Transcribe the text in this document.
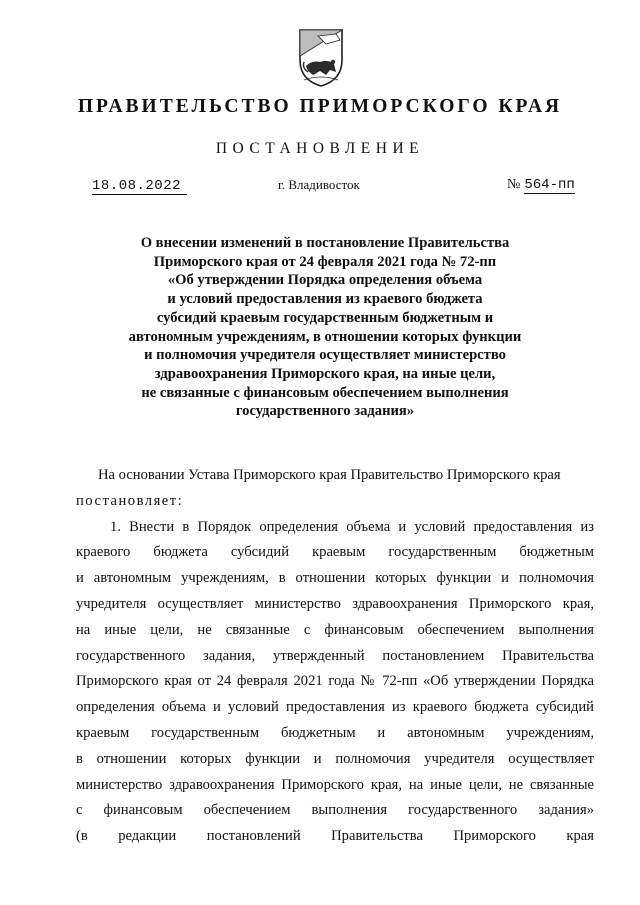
ПРАВИТЕЛЬСТВО ПРИМОРСКОГО КРАЯ
ПОСТАНОВЛЕНИЕ
18.08.2022	г. Владивосток	№ 564-пп
О внесении изменений в постановление Правительства
Приморского края от 24 февраля 2021 года № 72-пп
«Об утверждении Порядка определения объема
и условий предоставления из краевого бюджета
субсидий краевым государственным бюджетным и
автономным учреждениям, в отношении которых функции
и полномочия учредителя осуществляет министерство
здравоохранения Приморского края, на иные цели,
не связанные с финансовым обеспечением выполнения
государственного задания»
На основании Устава Приморского края Правительство Приморского края
постановляет:
1. Внести в Порядок определения объема и условий предоставления из
краевого бюджета субсидий краевым государственным бюджетным
и автономным учреждениям, в отношении которых функции и полномочия
учредителя осуществляет министерство здравоохранения Приморского края,
на иные цели, не связанные с финансовым обеспечением выполнения
государственного задания, утвержденный постановлением Правительства
Приморского края от 24 февраля 2021 года № 72-пп «Об утверждении Порядка
определения объема и условий предоставления из краевого бюджета субсидий
краевым государственным бюджетным и автономным учреждениям,
в отношении которых функции и полномочия учредителя осуществляет
министерство здравоохранения Приморского края, на иные цели, не связанные
с финансовым обеспечением выполнения государственного задания»
(в редакции постановлений Правительства Приморского края
